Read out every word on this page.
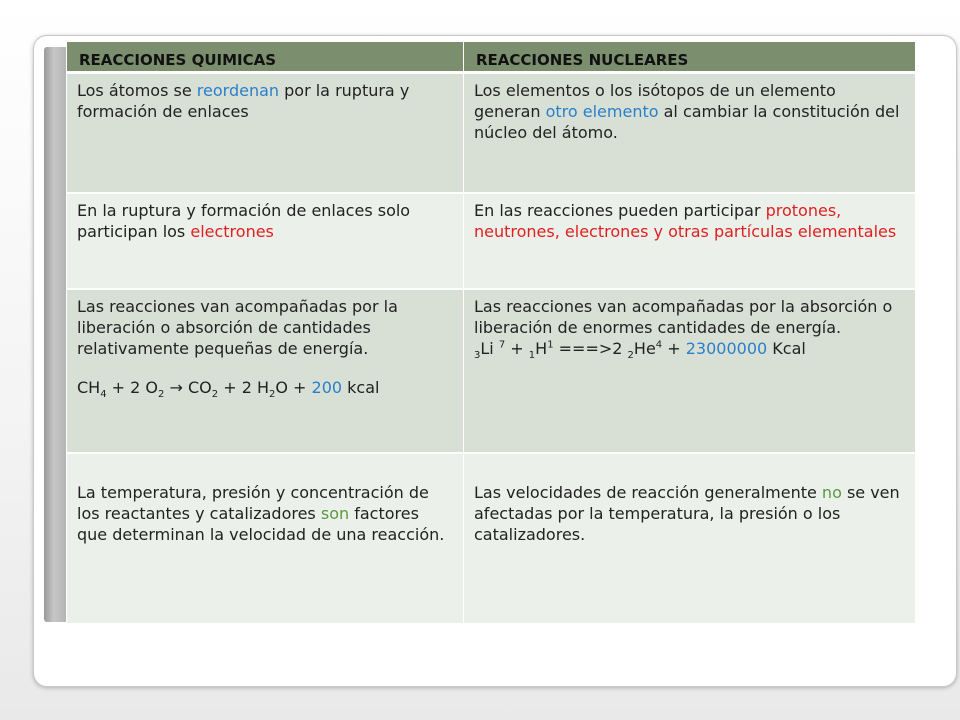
REACCIONES QUIMICAS	REACCIONES NUCLEARES
Los átomos se reordenan por la ruptura y formación de enlaces
Los elementos o los isótopos de un elemento generan otro elemento al cambiar la constitución del núcleo del átomo.
En la ruptura y formación de enlaces solo participan los electrones
En las reacciones pueden participar protones, neutrones, electrones y otras partículas elementales
Las reacciones van acompañadas por la liberación o absorción de cantidades relativamente pequeñas de energía.
$CH_4 + 2$ $O_2 \to CO_2 + 2$ $H_2O + 200$ kcal
Las reacciones van acompañadas por la absorción o liberación de enormes cantidades de energía.
$_3$Li $^7 + _1H^1 ===>2$ $_2He^4 + 23000000$ Kcal
La temperatura, presión y concentración de los reactantes y catalizadores son factores que determinan la velocidad de una reacción.
Las velocidades de reacción generalmente no se ven afectadas por la temperatura, la presión o los catalizadores.
